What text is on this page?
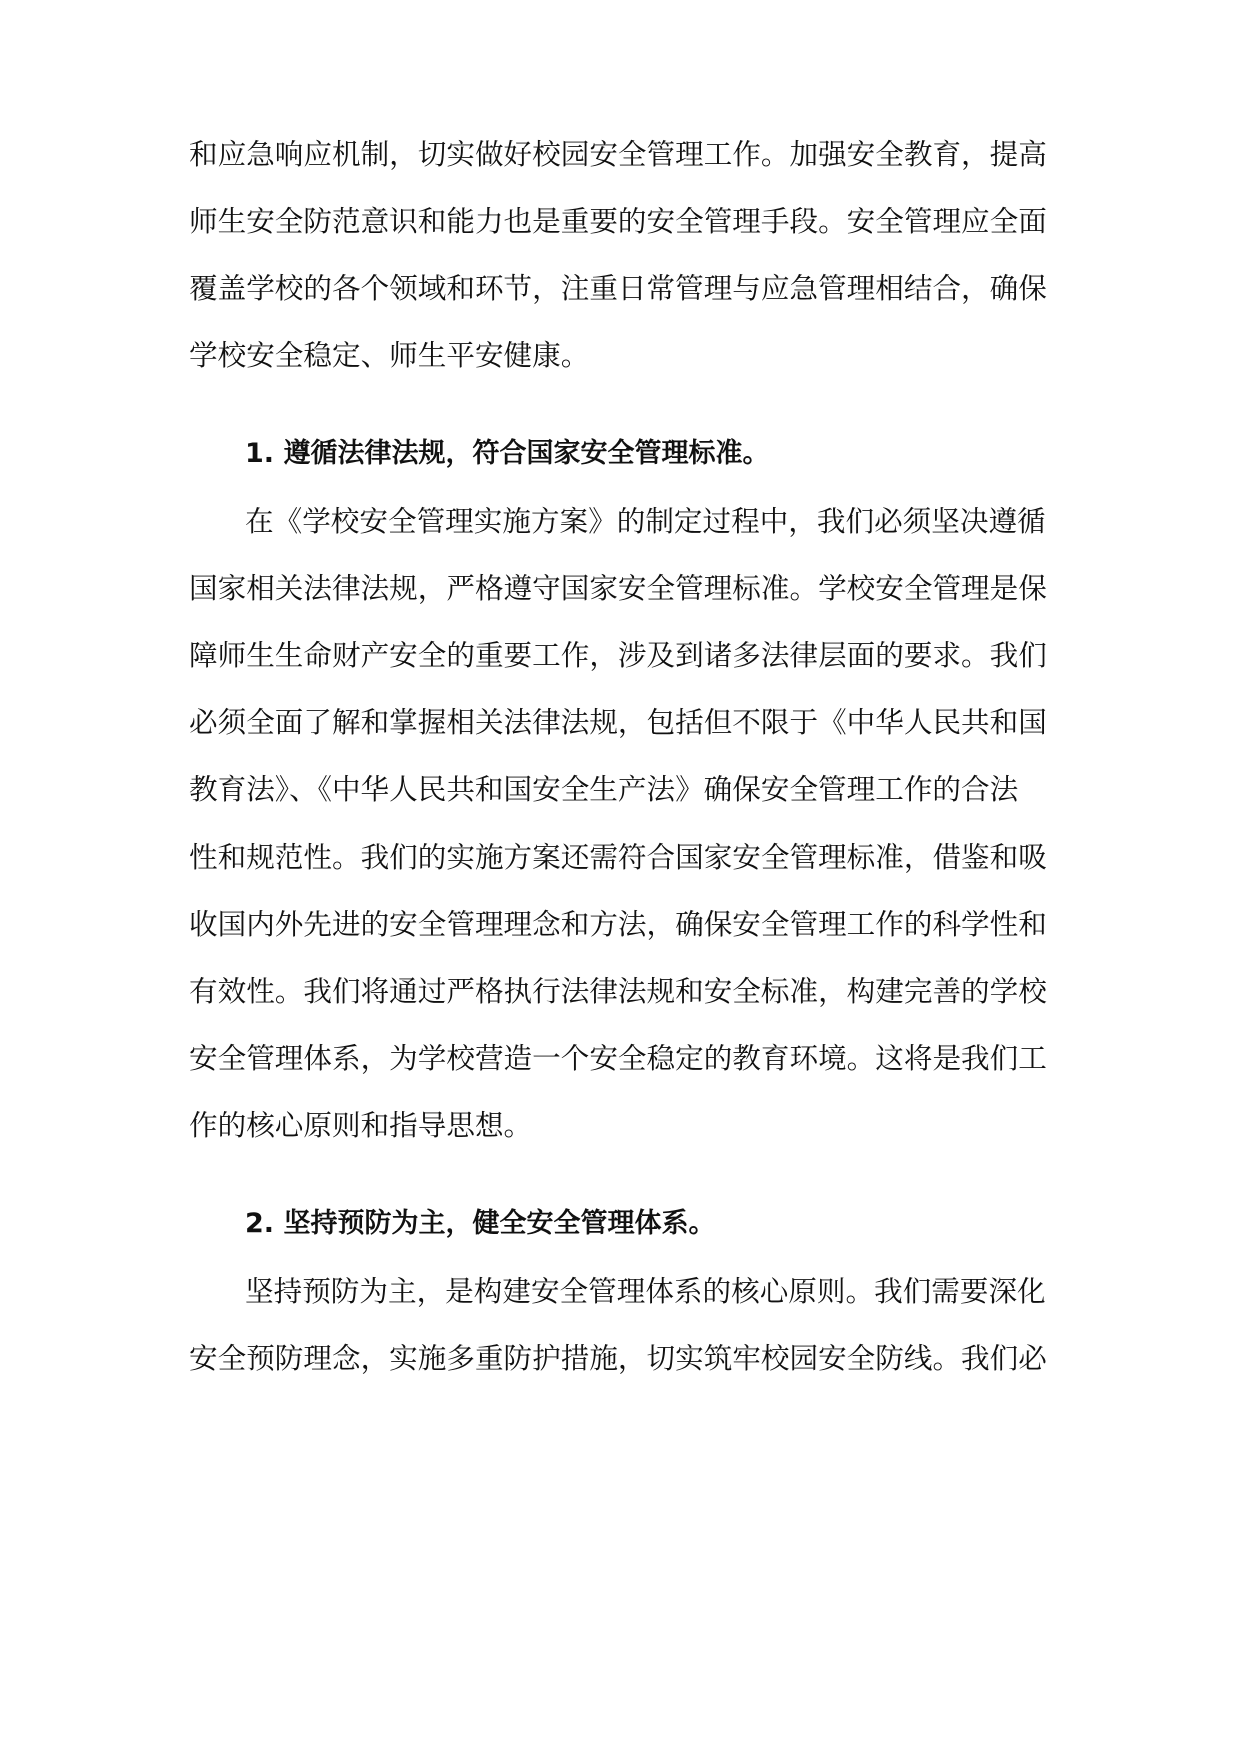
和应急响应机制，切实做好校园安全管理工作。加强安全教育，提高
师生安全防范意识和能力也是重要的安全管理手段。安全管理应全面
覆盖学校的各个领域和环节，注重日常管理与应急管理相结合，确保
学校安全稳定、师生平安健康。
1. 遵循法律法规，符合国家安全管理标准。
在《学校安全管理实施方案》的制定过程中，我们必须坚决遵循
国家相关法律法规，严格遵守国家安全管理标准。学校安全管理是保
障师生生命财产安全的重要工作，涉及到诸多法律层面的要求。我们
必须全面了解和掌握相关法律法规，包括但不限于《中华人民共和国
教育法》、《中华人民共和国安全生产法》确保安全管理工作的合法
性和规范性。我们的实施方案还需符合国家安全管理标准，借鉴和吸
收国内外先进的安全管理理念和方法，确保安全管理工作的科学性和
有效性。我们将通过严格执行法律法规和安全标准，构建完善的学校
安全管理体系，为学校营造一个安全稳定的教育环境。这将是我们工
作的核心原则和指导思想。
2. 坚持预防为主，健全安全管理体系。
坚持预防为主，是构建安全管理体系的核心原则。我们需要深化
安全预防理念，实施多重防护措施，切实筑牢校园安全防线。我们必
